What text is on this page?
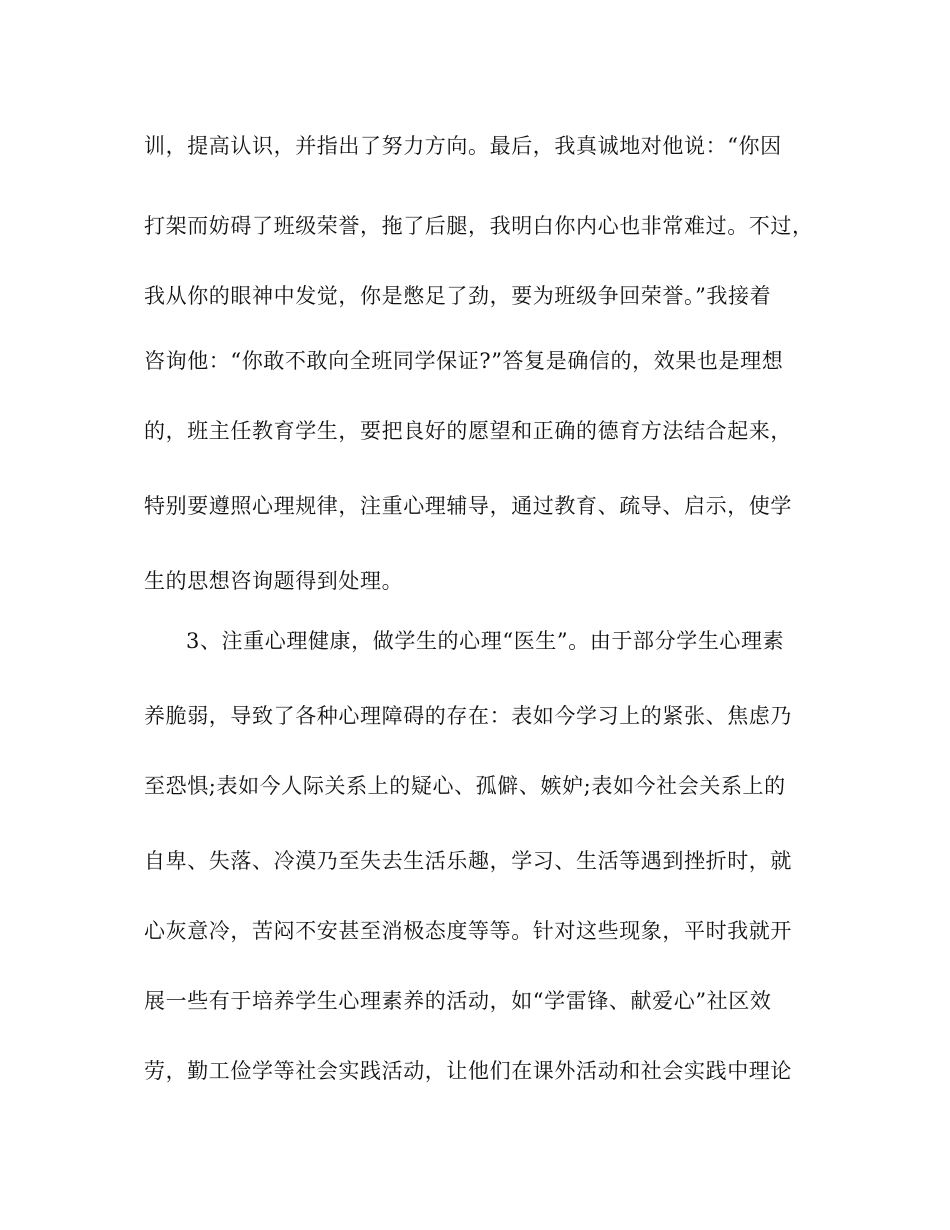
训，提高认识，并指出了努力方向。最后，我真诚地对他说：“你因
打架而妨碍了班级荣誉，拖了后腿，我明白你内心也非常难过。不过，
我从你的眼神中发觉，你是憋足了劲，要为班级争回荣誉。”我接着
咨询他：“你敢不敢向全班同学保证?”答复是确信的，效果也是理想
的，班主任教育学生，要把良好的愿望和正确的德育方法结合起来，
特别要遵照心理规律，注重心理辅导，通过教育、疏导、启示，使学
生的思想咨询题得到处理。
3、注重心理健康，做学生的心理“医生”。由于部分学生心理素
养脆弱，导致了各种心理障碍的存在：表如今学习上的紧张、焦虑乃
至恐惧;表如今人际关系上的疑心、孤僻、嫉妒;表如今社会关系上的
自卑、失落、冷漠乃至失去生活乐趣，学习、生活等遇到挫折时，就
心灰意冷，苦闷不安甚至消极态度等等。针对这些现象，平时我就开
展一些有于培养学生心理素养的活动，如“学雷锋、献爱心”社区效
劳，勤工俭学等社会实践活动，让他们在课外活动和社会实践中理论
